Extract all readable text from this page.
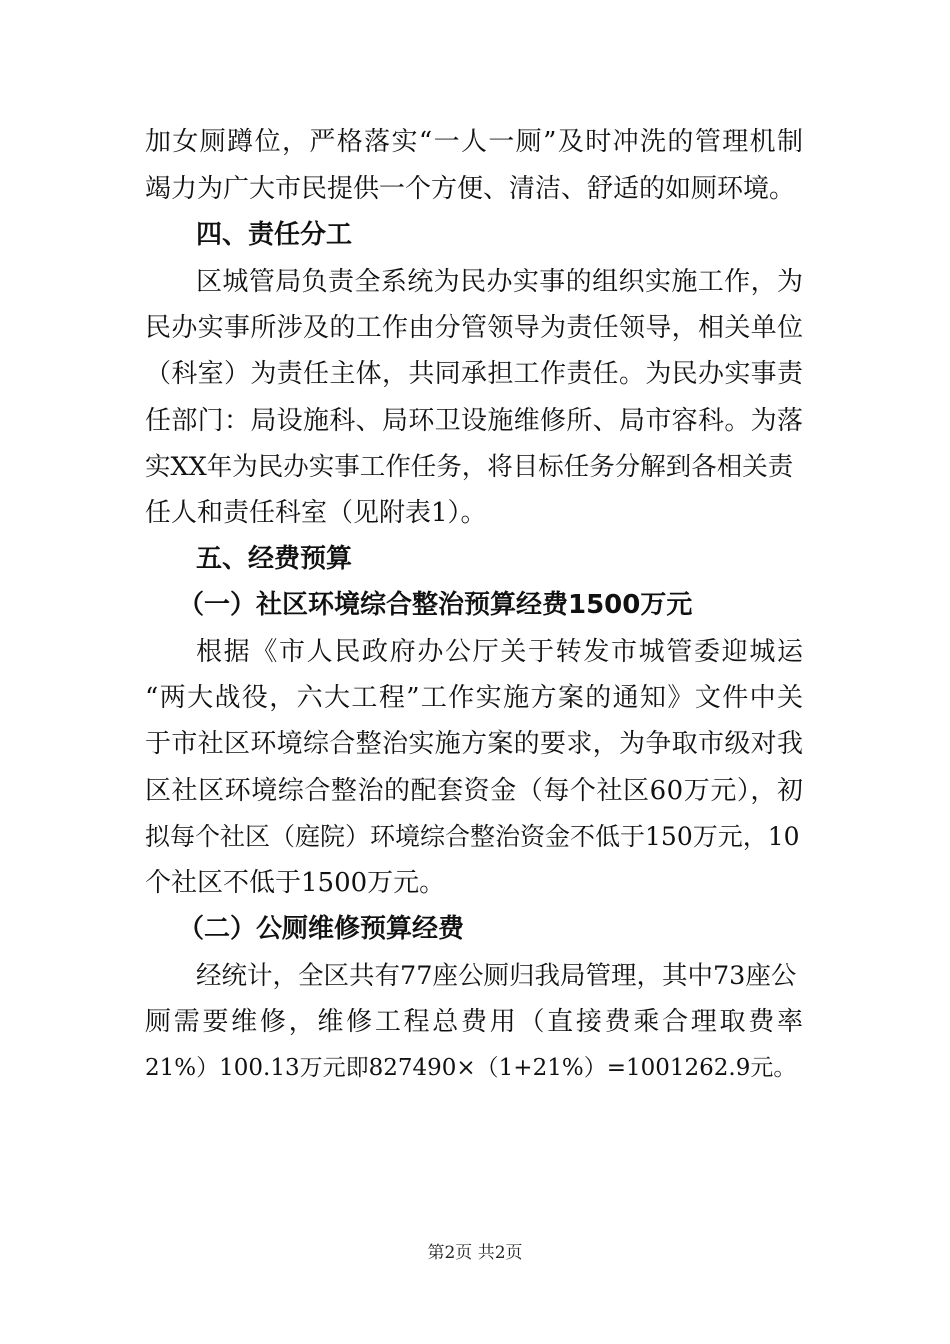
加女厕蹲位，严格落实“一人一厕”及时冲洗的管理机制
竭力为广大市民提供一个方便、清洁、舒适的如厕环境。
四、责任分工
区城管局负责全系统为民办实事的组织实施工作，为
民办实事所涉及的工作由分管领导为责任领导，相关单位
（科室）为责任主体，共同承担工作责任。为民办实事责
任部门：局设施科、局环卫设施维修所、局市容科。为落
实XX年为民办实事工作任务，将目标任务分解到各相关责
任人和责任科室（见附表1）。
五、经费预算
（一）社区环境综合整治预算经费1500万元
根据《市人民政府办公厅关于转发市城管委迎城运
“两大战役，六大工程”工作实施方案的通知》文件中关
于市社区环境综合整治实施方案的要求，为争取市级对我
区社区环境综合整治的配套资金（每个社区60万元），初
拟每个社区（庭院）环境综合整治资金不低于150万元，10
个社区不低于1500万元。
（二）公厕维修预算经费
经统计，全区共有77座公厕归我局管理，其中73座公
厕需要维修，维修工程总费用（直接费乘合理取费率
21%）100.13万元即827490×（1+21%）=1001262.9元。
第2页 共2页
